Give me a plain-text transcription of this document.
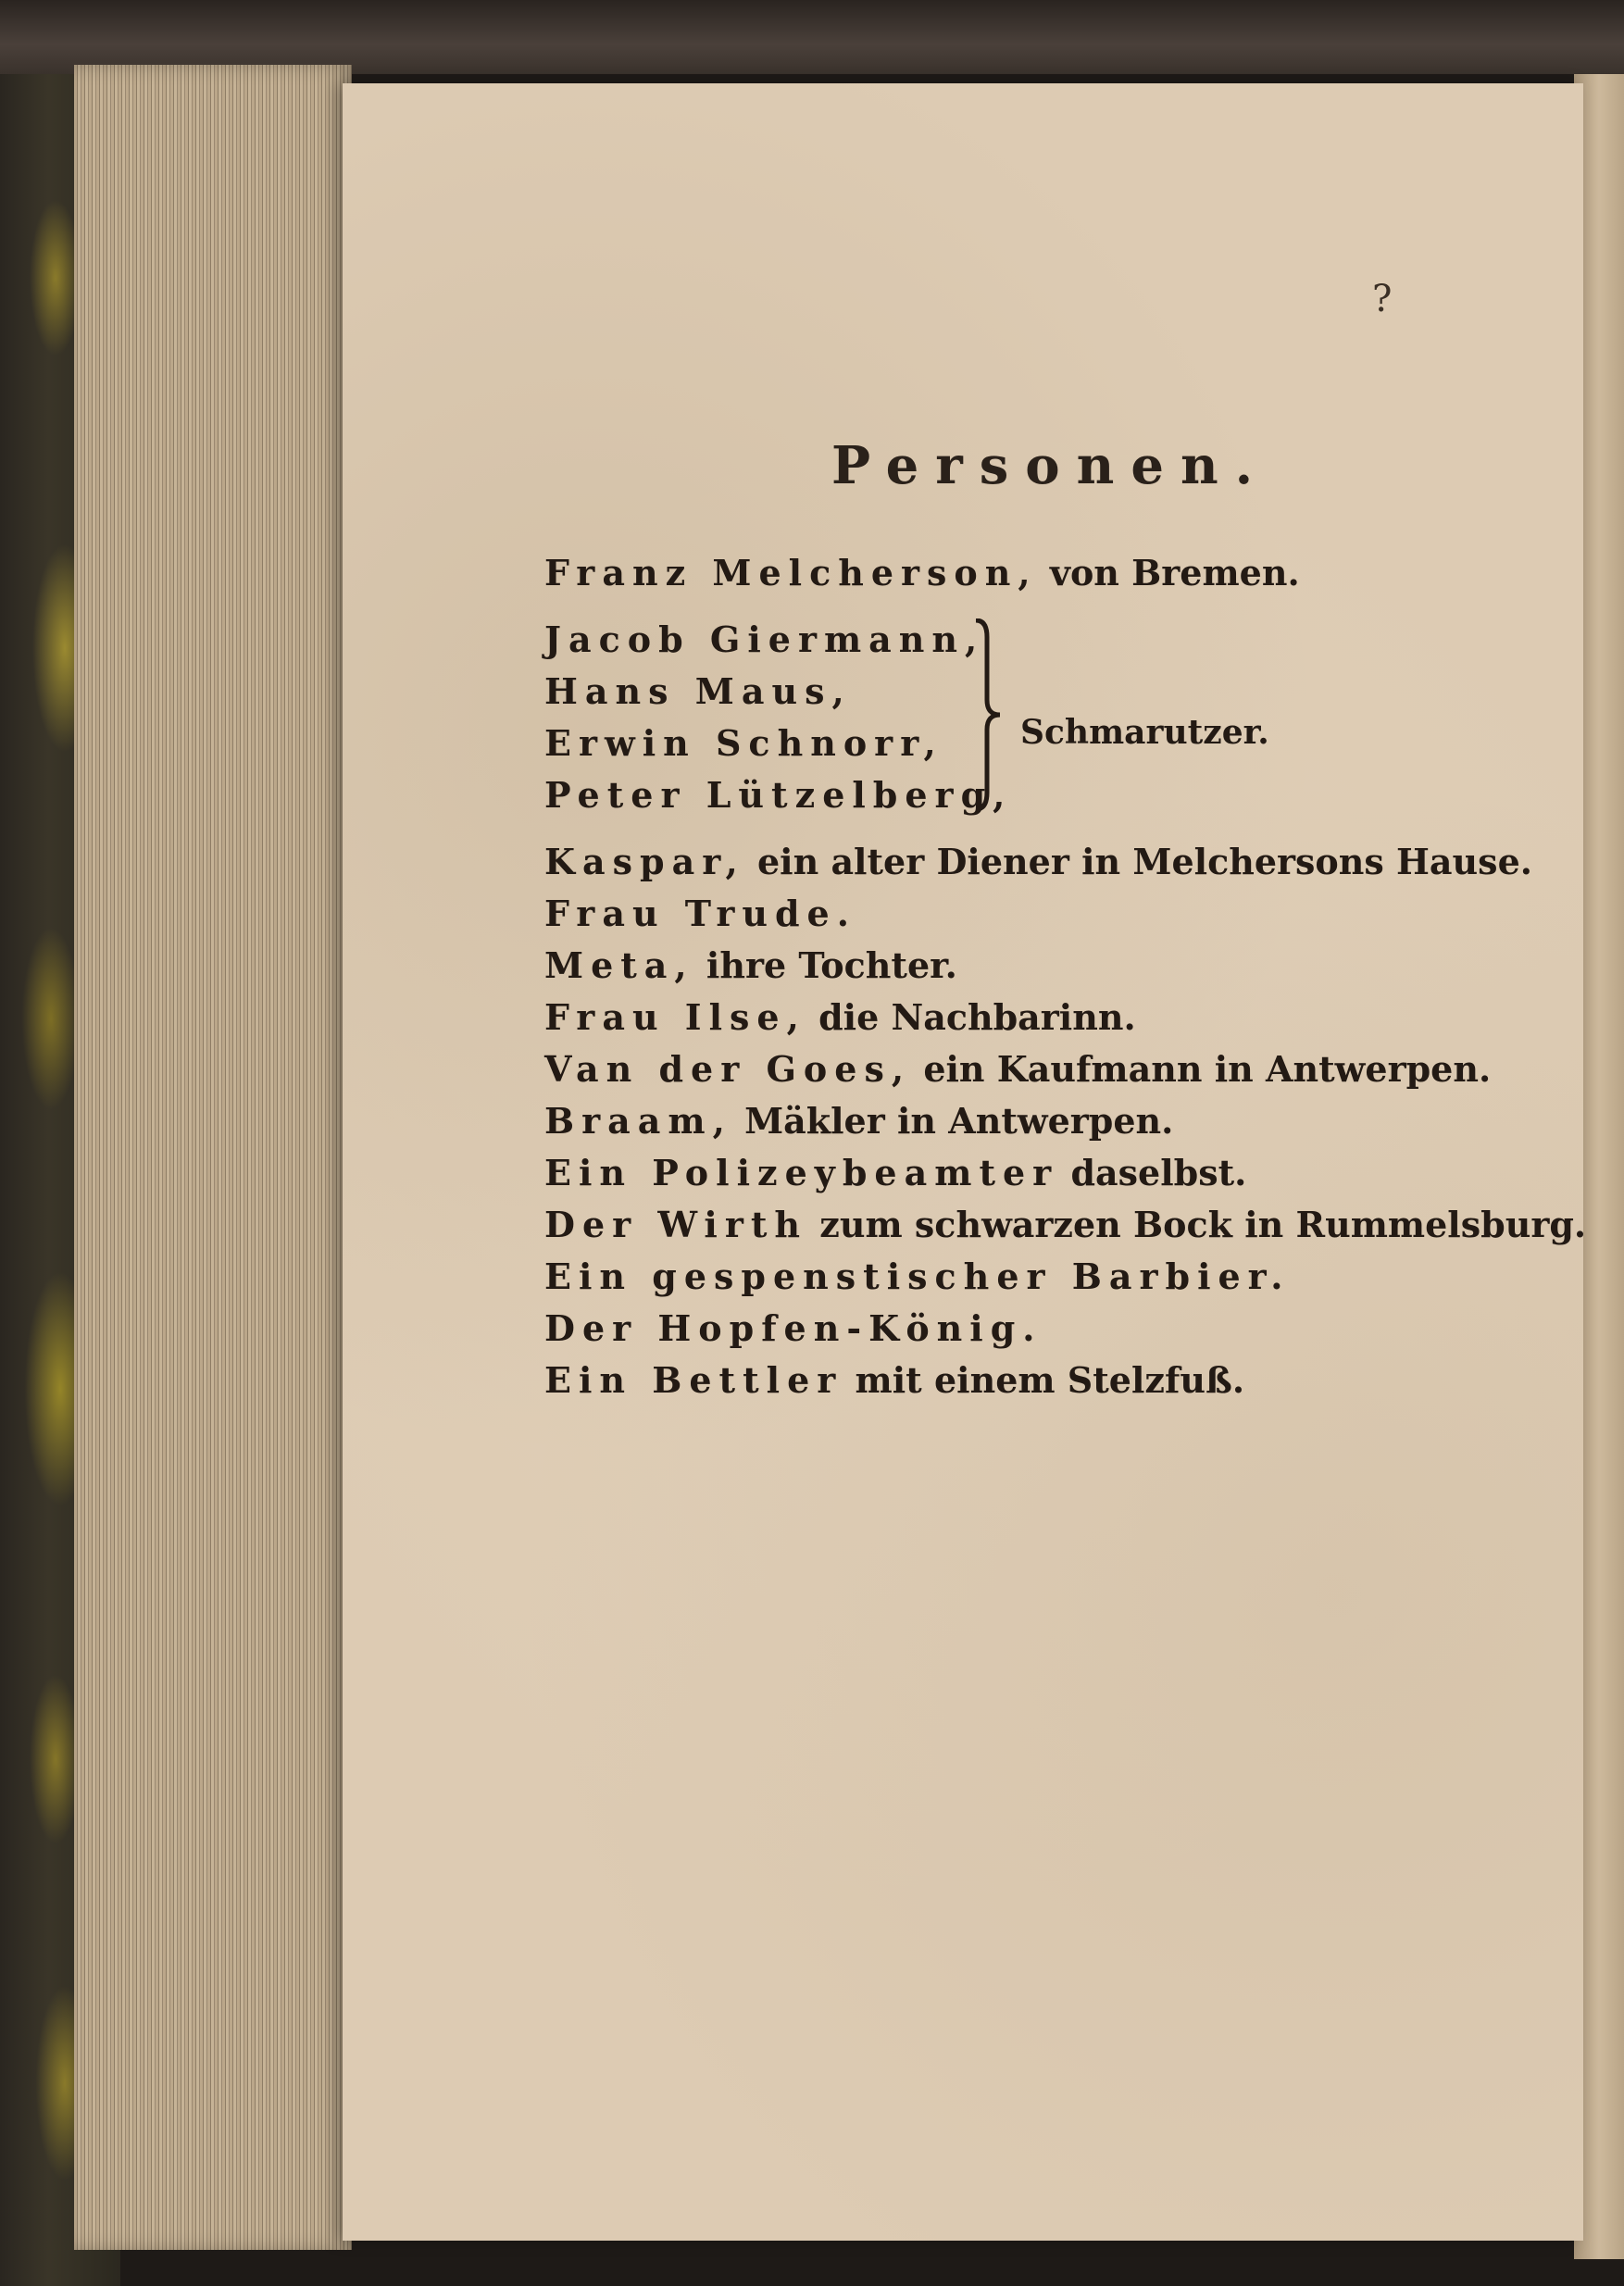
?
Personen.
Franz Melcherson, von Bremen.
Jacob Giermann,
Hans Maus,
Erwin Schnorr,
Peter Lützelberg,
Schmarutzer.
Kaspar, ein alter Diener in Melchersons Hause.
Frau Trude.
Meta, ihre Tochter.
Frau Ilse, die Nachbarinn.
Van der Goes, ein Kaufmann in Antwerpen.
Braam, Mäkler in Antwerpen.
Ein Polizeybeamter daselbst.
Der Wirth zum schwarzen Bock in Rummelsburg.
Ein gespenstischer Barbier.
Der Hopfen-König.
Ein Bettler mit einem Stelzfuß.
